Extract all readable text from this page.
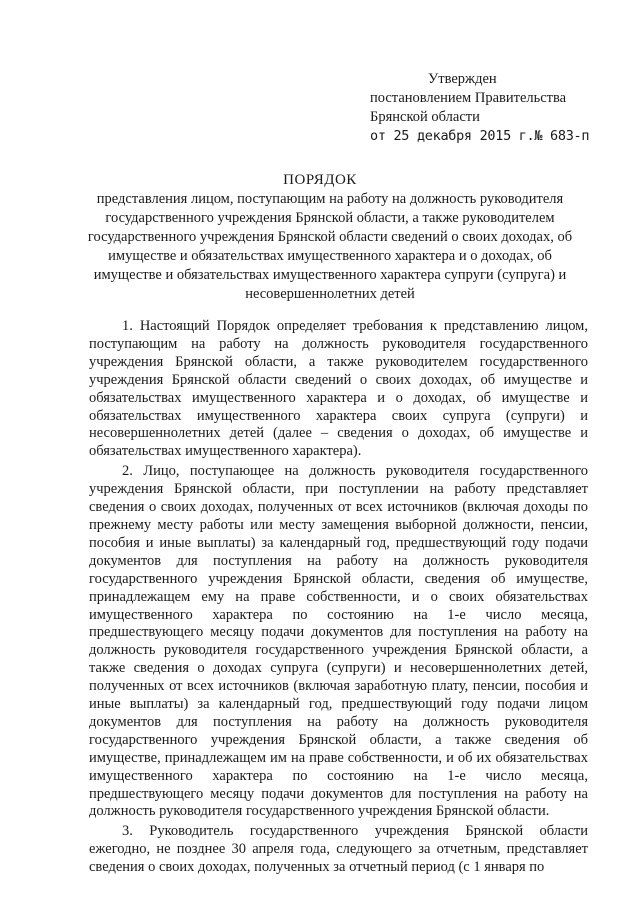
Утвержден
постановлением Правительства
Брянской области
от 25 декабря 2015 г.№ 683-п
ПОРЯДОК
представления лицом, поступающим на работу на должность руководителя государственного учреждения Брянской области, а также руководителем государственного учреждения Брянской области сведений о своих доходах, об имуществе и обязательствах имущественного характера и о доходах, об имуществе и обязательствах имущественного характера супруги (супруга) и несовершеннолетних детей

1. Настоящий Порядок определяет требования к представлению лицом, поступающим на работу на должность руководителя государственного учреждения Брянской области, а также руководителем государственного учреждения Брянской области сведений о своих доходах, об имуществе и обязательствах имущественного характера и о доходах, об имуществе и обязательствах имущественного характера своих супруга (супруги) и несовершеннолетних детей (далее – сведения о доходах, об имуществе и обязательствах имущественного характера).

2. Лицо, поступающее на должность руководителя государственного учреждения Брянской области, при поступлении на работу представляет сведения о своих доходах, полученных от всех источников (включая доходы по прежнему месту работы или месту замещения выборной должности, пенсии, пособия и иные выплаты) за календарный год, предшествующий году подачи документов для поступления на работу на должность руководителя государственного учреждения Брянской области, сведения об имуществе, принадлежащем ему на праве собственности, и о своих обязательствах имущественного характера по состоянию на 1-е число месяца, предшествующего месяцу подачи документов для поступления на работу на должность руководителя государственного учреждения Брянской области, а также сведения о доходах супруга (супруги) и несовершеннолетних детей, полученных от всех источников (включая заработную плату, пенсии, пособия и иные выплаты) за календарный год, предшествующий году подачи лицом документов для поступления на работу на должность руководителя государственного учреждения Брянской области, а также сведения об имуществе, принадлежащем им на праве собственности, и об их обязательствах имущественного характера по состоянию на 1-е число месяца, предшествующего месяцу подачи документов для поступления на работу на должность руководителя государственного учреждения Брянской области.

3. Руководитель государственного учреждения Брянской области ежегодно, не позднее 30 апреля года, следующего за отчетным, представляет сведения о своих доходах, полученных за отчетный период (с 1 января по
